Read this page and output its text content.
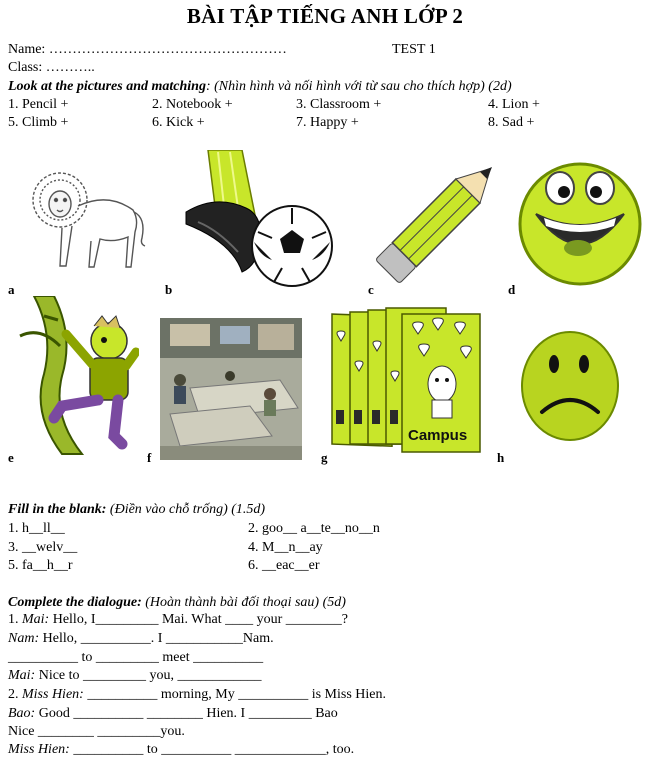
BÀI TẬP TIẾNG ANH LỚP 2
Name: ……………………………………………	TEST 1
Class: ………..
Look at the pictures and matching: (Nhìn hình và nối hình với từ sau cho thích hợp) (2d)
1. Pencil +	2. Notebook +	3. Classroom +	4. Lion +
5. Climb +	6. Kick +	7. Happy +	8. Sad +
a	b	c	d
e	f
Campus
g	h
Fill in the blank: (Điền vào chỗ trống) (1.5d)
1. h__ll__	2. goo__ a__te__no__n
3. __welv__	4. M__n__ay
5. fa__h__r	6. __eac__er
Complete the dialogue: (Hoàn thành bài đối thoại sau) (5d)
1. Mai: Hello, I_________ Mai. What ____ your ________?
Nam: Hello, __________. I ___________Nam.
__________ to _________ meet __________
Mai: Nice to _________ you, ____________
2. Miss Hien: __________ morning, My __________ is Miss Hien.
Bao: Good __________ ________ Hien. I _________ Bao
Nice ________ _________you.
Miss Hien: __________ to __________ _____________, too.
